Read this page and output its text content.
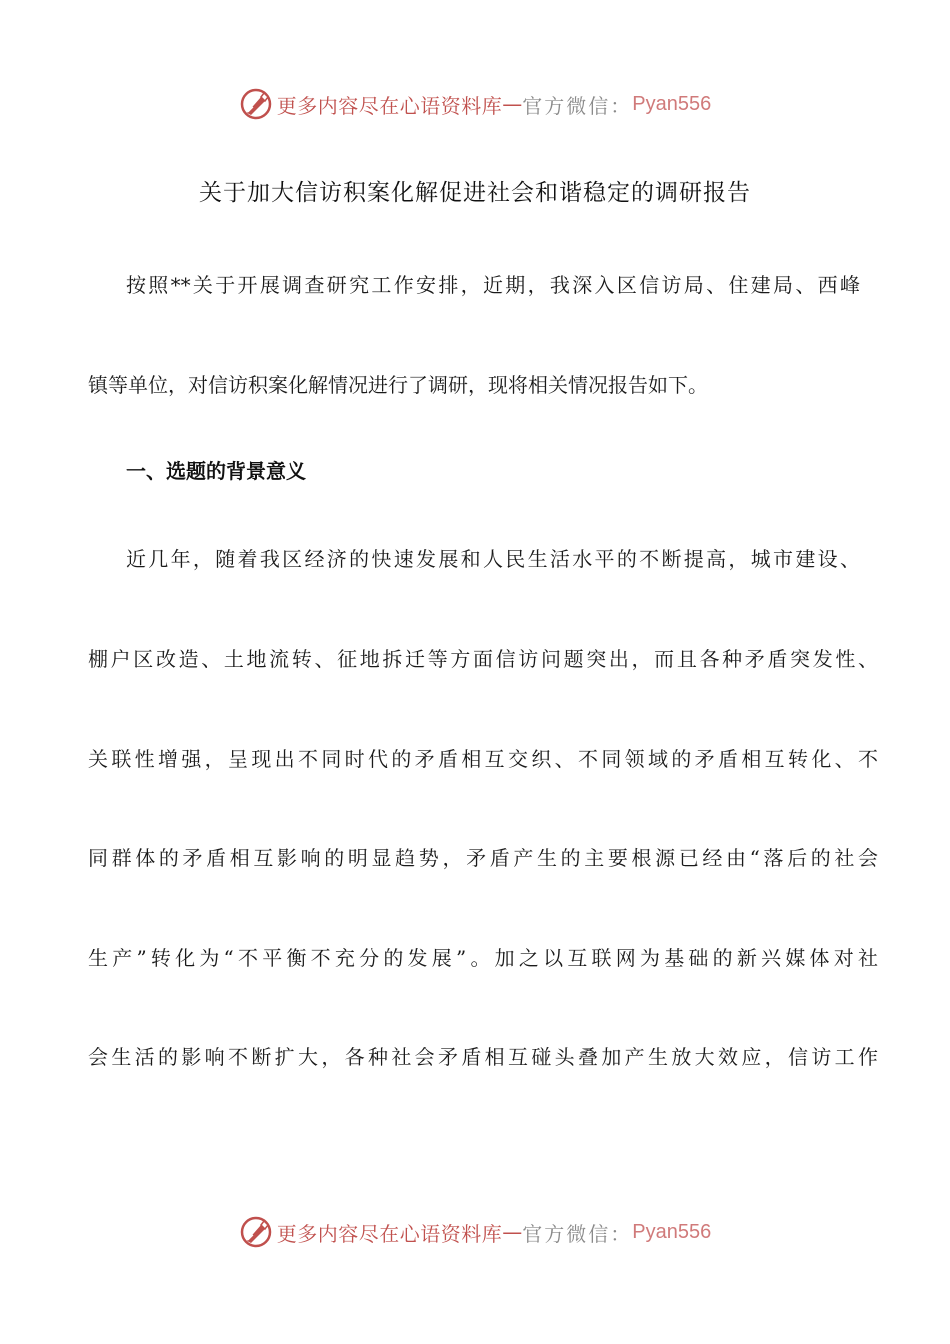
更多内容尽在心语资料库 — 官方微信： Pyan556
关于加大信访积案化解促进社会和谐稳定的调研报告
按照**关于开展调查研究工作安排，近期，我深入区信访局、住建局、西峰
镇等单位，对信访积案化解情况进行了调研，现将相关情况报告如下。
一、选题的背景意义
近几年，随着我区经济的快速发展和人民生活水平的不断提高，城市建设、
棚户区改造、土地流转、征地拆迁等方面信访问题突出，而且各种矛盾突发性、
关联性增强，呈现出不同时代的矛盾相互交织、不同领域的矛盾相互转化、不
同群体的矛盾相互影响的明显趋势，矛盾产生的主要根源已经由“落后的社会
生产”转化为“不平衡不充分的发展”。加之以互联网为基础的新兴媒体对社
会生活的影响不断扩大，各种社会矛盾相互碰头叠加产生放大效应，信访工作
更多内容尽在心语资料库 — 官方微信： Pyan556
